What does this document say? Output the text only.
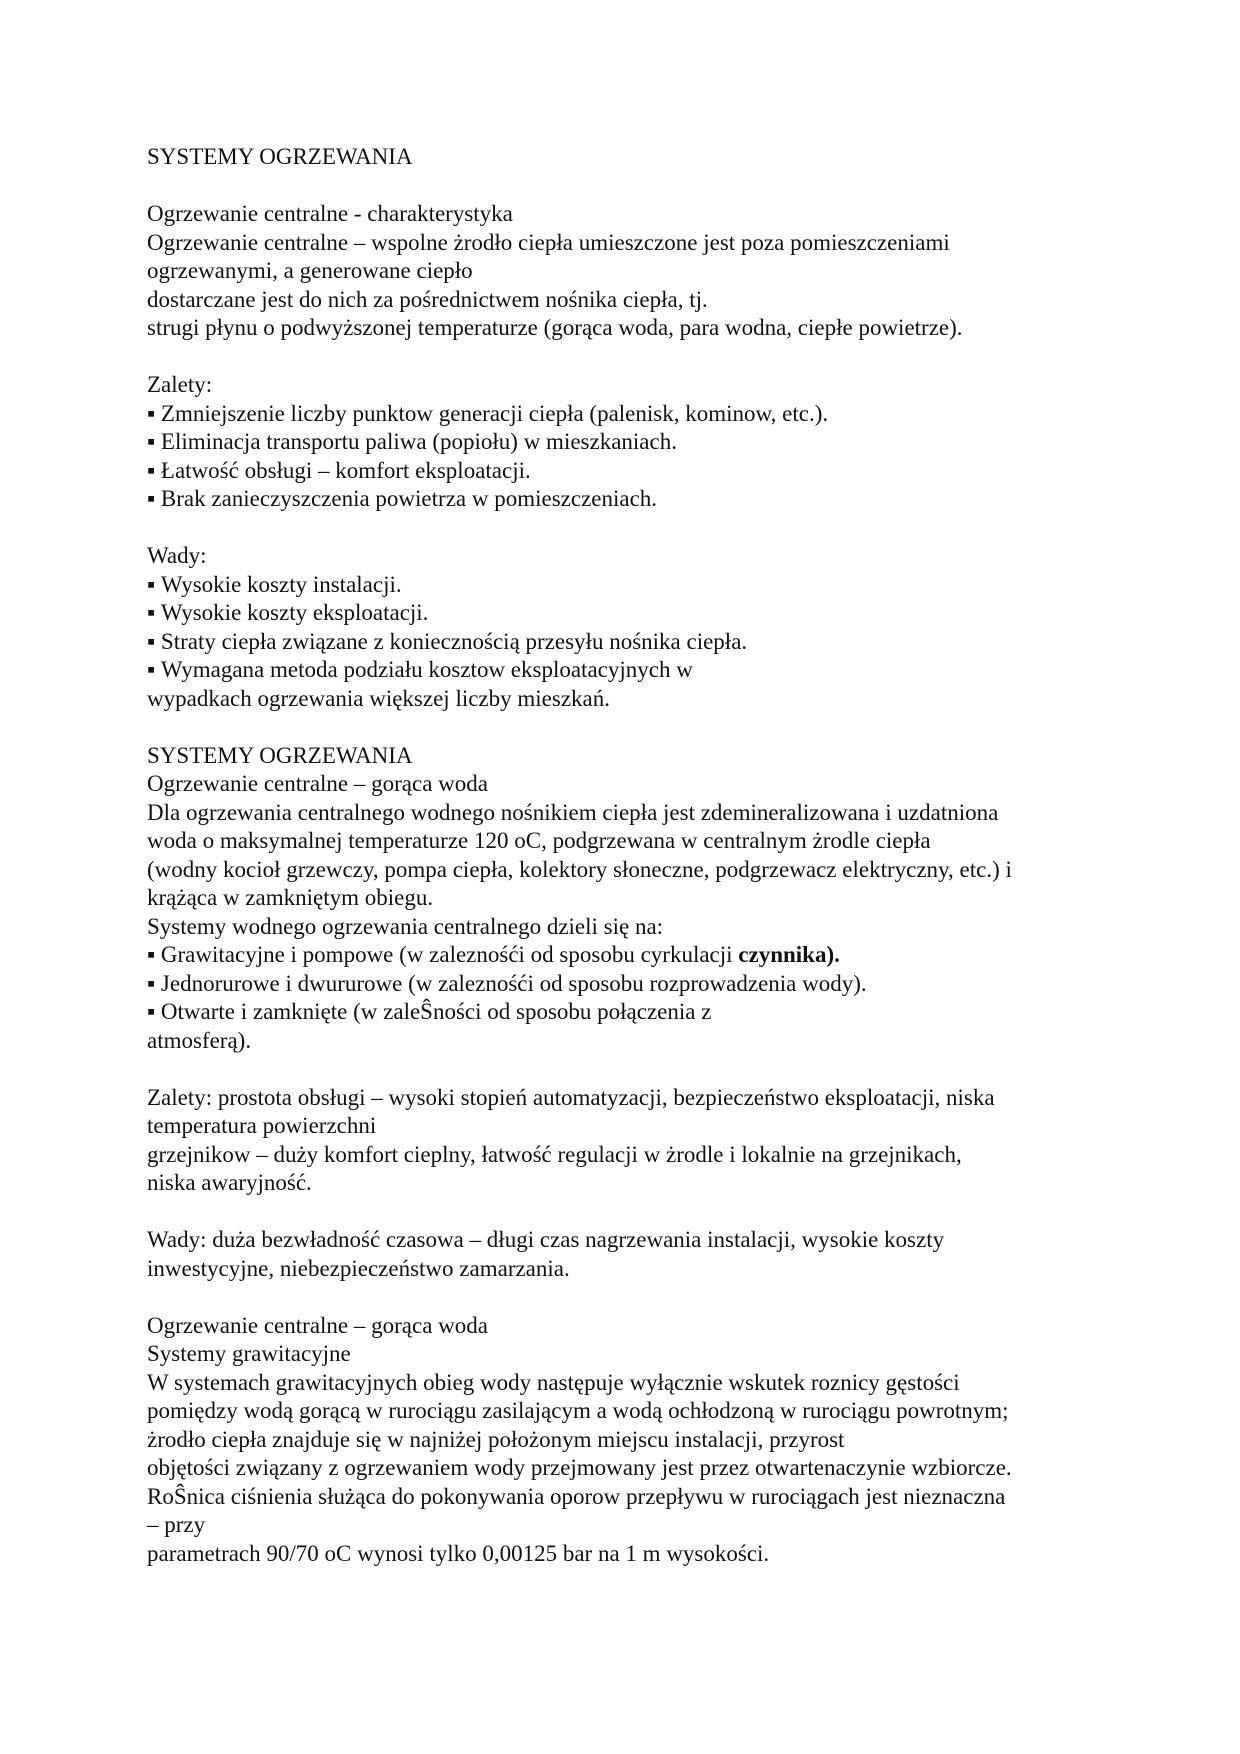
SYSTEMY OGRZEWANIA
Ogrzewanie centralne - charakterystyka
Ogrzewanie centralne – wspolne żrodło ciepła umieszczone jest poza pomieszczeniami
ogrzewanymi, a generowane ciepło
dostarczane jest do nich za pośrednictwem nośnika ciepła, tj.
strugi płynu o podwyższonej temperaturze (gorąca woda, para wodna, ciepłe powietrze).
Zalety:
▪ Zmniejszenie liczby punktow generacji ciepła (palenisk, kominow, etc.).
▪ Eliminacja transportu paliwa (popiołu) w mieszkaniach.
▪ Łatwość obsługi – komfort eksploatacji.
▪ Brak zanieczyszczenia powietrza w pomieszczeniach.
Wady:
▪ Wysokie koszty instalacji.
▪ Wysokie koszty eksploatacji.
▪ Straty ciepła związane z koniecznością przesyłu nośnika ciepła.
▪ Wymagana metoda podziału kosztow eksploatacyjnych w
wypadkach ogrzewania większej liczby mieszkań.
SYSTEMY OGRZEWANIA
Ogrzewanie centralne – gorąca woda
Dla ogrzewania centralnego wodnego nośnikiem ciepła jest zdemineralizowana i uzdatniona
woda o maksymalnej temperaturze 120 oC, podgrzewana w centralnym żrodle ciepła
(wodny kocioł grzewczy, pompa ciepła, kolektory słoneczne, podgrzewacz elektryczny, etc.) i
krążąca w zamkniętym obiegu.
Systemy wodnego ogrzewania centralnego dzieli się na:
▪ Grawitacyjne i pompowe (w zaleznośći od sposobu cyrkulacji czynnika).
▪ Jednorurowe i dwururowe (w zaleznośći od sposobu rozprowadzenia wody).
▪ Otwarte i zamknięte (w zaleŜności od sposobu połączenia z
atmosferą).
Zalety: prostota obsługi – wysoki stopień automatyzacji, bezpieczeństwo eksploatacji, niska
temperatura powierzchni
grzejnikow – duży komfort cieplny, łatwość regulacji w żrodle i lokalnie na grzejnikach,
niska awaryjność.
Wady: duża bezwładność czasowa – długi czas nagrzewania instalacji, wysokie koszty
inwestycyjne, niebezpieczeństwo zamarzania.
Ogrzewanie centralne – gorąca woda
Systemy grawitacyjne
W systemach grawitacyjnych obieg wody następuje wyłącznie wskutek roznicy gęstości
pomiędzy wodą gorącą w rurociągu zasilającym a wodą ochłodzoną w rurociągu powrotnym;
żrodło ciepła znajduje się w najniżej położonym miejscu instalacji, przyrost
objętości związany z ogrzewaniem wody przejmowany jest przez otwartenaczynie wzbiorcze.
RoŜnica ciśnienia służąca do pokonywania oporow przepływu w rurociągach jest nieznaczna
– przy
parametrach 90/70 oC wynosi tylko 0,00125 bar na 1 m wysokości.
